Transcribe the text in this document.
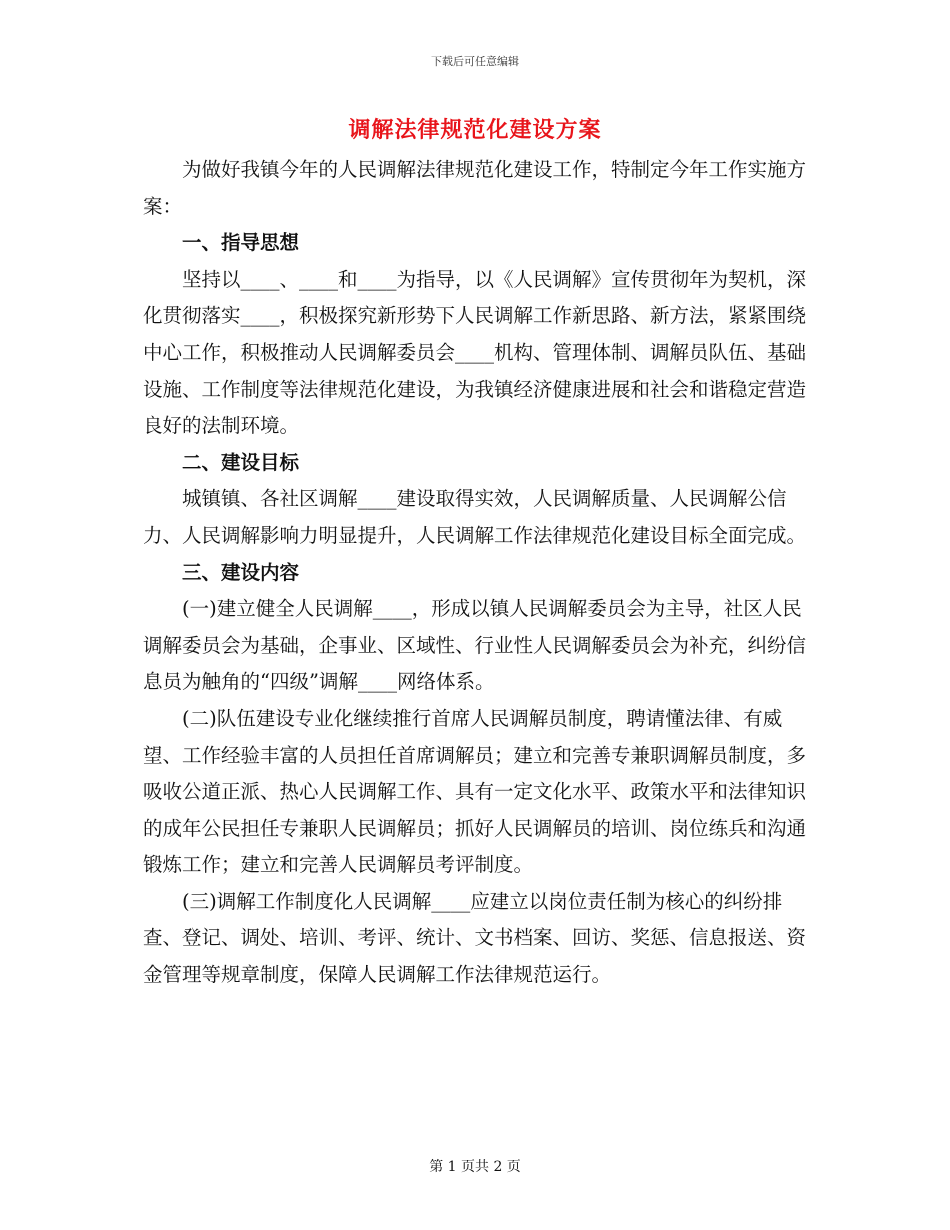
下载后可任意编辑
调解法律规范化建设方案

为做好我镇今年的人民调解法律规范化建设工作，特制定今年工作实施方案：

一、指导思想

坚持以____、____和____为指导，以《人民调解》宣传贯彻年为契机，深化贯彻落实____，积极探究新形势下人民调解工作新思路、新方法，紧紧围绕中心工作，积极推动人民调解委员会____机构、管理体制、调解员队伍、基础设施、工作制度等法律规范化建设，为我镇经济健康进展和社会和谐稳定营造良好的法制环境。

二、建设目标

城镇镇、各社区调解____建设取得实效，人民调解质量、人民调解公信力、人民调解影响力明显提升，人民调解工作法律规范化建设目标全面完成。

三、建设内容

(一)建立健全人民调解____，形成以镇人民调解委员会为主导，社区人民调解委员会为基础，企事业、区域性、行业性人民调解委员会为补充，纠纷信息员为触角的“四级”调解____网络体系。

(二)队伍建设专业化继续推行首席人民调解员制度，聘请懂法律、有威望、工作经验丰富的人员担任首席调解员；建立和完善专兼职调解员制度，多吸收公道正派、热心人民调解工作、具有一定文化水平、政策水平和法律知识的成年公民担任专兼职人民调解员；抓好人民调解员的培训、岗位练兵和沟通锻炼工作；建立和完善人民调解员考评制度。

(三)调解工作制度化人民调解____应建立以岗位责任制为核心的纠纷排查、登记、调处、培训、考评、统计、文书档案、回访、奖惩、信息报送、资金管理等规章制度，保障人民调解工作法律规范运行。

第 1 页共 2 页
